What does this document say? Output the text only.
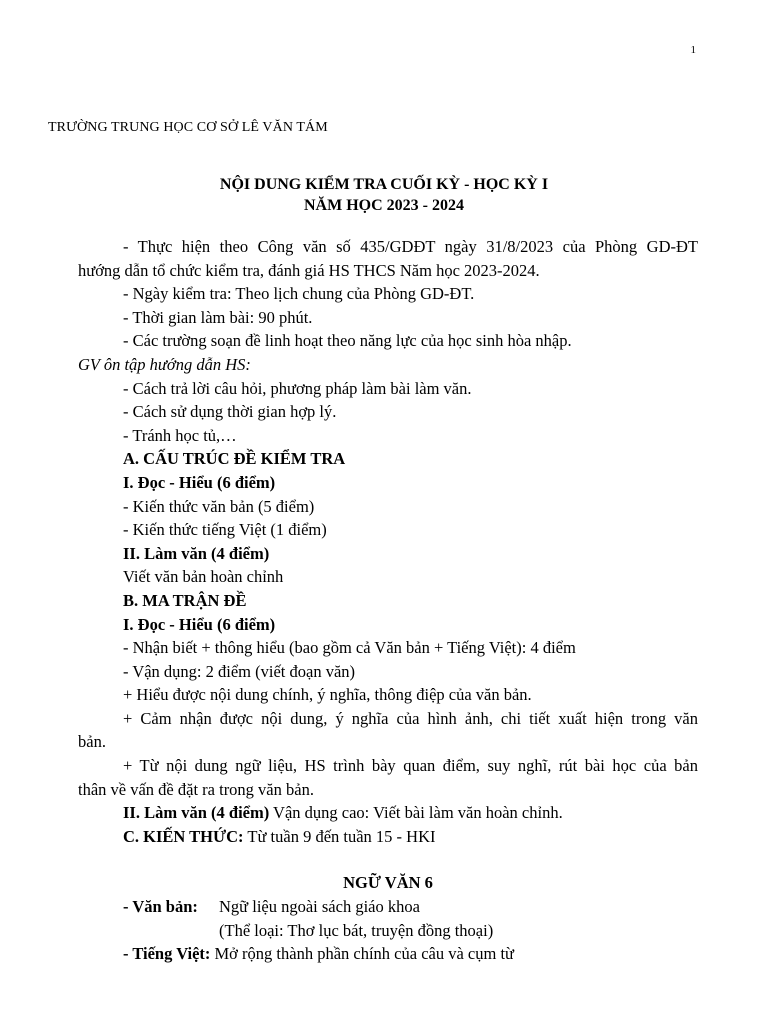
1
TRƯỜNG TRUNG HỌC CƠ SỞ LÊ VĂN TÁM
NỘI DUNG KIỂM TRA CUỐI KỲ - HỌC KỲ I
NĂM HỌC 2023 - 2024
- Thực hiện theo Công văn số 435/GDĐT ngày 31/8/2023 của Phòng GD-ĐT
hướng dẫn tổ chức kiểm tra, đánh giá HS THCS Năm học 2023-2024.
- Ngày kiểm tra: Theo lịch chung của Phòng GD-ĐT.
- Thời gian làm bài: 90 phút.
- Các trường soạn đề linh hoạt theo năng lực của học sinh hòa nhập.
GV ôn tập hướng dẫn HS:
- Cách trả lời câu hỏi, phương pháp làm bài làm văn.
- Cách sử dụng thời gian hợp lý.
- Tránh học tủ,…
A. CẤU TRÚC ĐỀ KIỂM TRA
I. Đọc - Hiểu (6 điểm)
- Kiến thức văn bản (5 điểm)
- Kiến thức tiếng Việt (1 điểm)
II. Làm văn (4 điểm)
Viết văn bản hoàn chỉnh
B. MA TRẬN ĐỀ
I. Đọc - Hiểu (6 điểm)
- Nhận biết + thông hiểu (bao gồm cả Văn bản + Tiếng Việt): 4 điểm
- Vận dụng: 2 điểm (viết đoạn văn)
+ Hiểu được nội dung chính, ý nghĩa, thông điệp của văn bản.
+ Cảm nhận được nội dung, ý nghĩa của hình ảnh, chi tiết xuất hiện trong văn
bản.
+ Từ nội dung ngữ liệu, HS trình bày quan điểm, suy nghĩ, rút bài học của bản
thân về vấn đề đặt ra trong văn bản.
II. Làm văn (4 điểm) Vận dụng cao: Viết bài làm văn hoàn chỉnh.
C. KIẾN THỨC: Từ tuần 9 đến tuần 15 - HKI
NGỮ VĂN 6
- Văn bản: Ngữ liệu ngoài sách giáo khoa
(Thể loại: Thơ lục bát, truyện đồng thoại)
- Tiếng Việt: Mở rộng thành phần chính của câu và cụm từ
